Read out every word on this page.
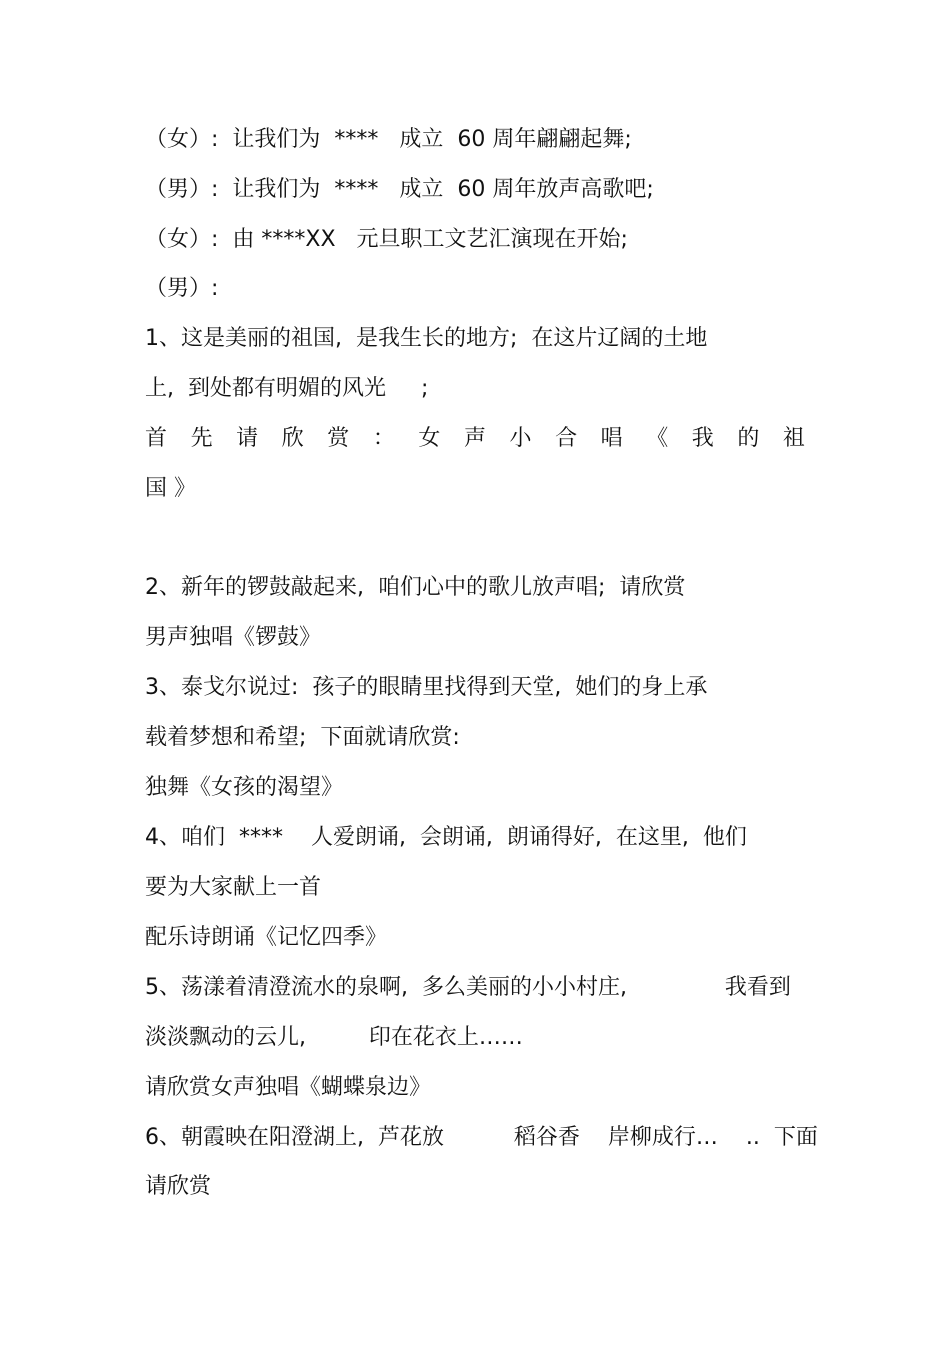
（女）:  让我们为  ****   成立  60 周年翩翩起舞;
（男）:  让我们为  ****   成立  60 周年放声高歌吧;
（女）:  由 ****XX   元旦职工文艺汇演现在开始;
（男）:
1、这是美丽的祖国,  是我生长的地方;  在这片辽阔的土地
上,  到处都有明媚的风光     ;
首 先 请 欣 赏 ： 女 声 小 合 唱 《 我 的 祖
国 》
2、新年的锣鼓敲起来,  咱们心中的歌儿放声唱;  请欣赏
男声独唱《锣鼓》
3、泰戈尔说过:  孩子的眼睛里找得到天堂,  她们的身上承
载着梦想和希望;  下面就请欣赏:
独舞《女孩的渴望》
4、咱们  ****    人爱朗诵,  会朗诵,  朗诵得好,  在这里,  他们
要为大家献上一首
配乐诗朗诵《记忆四季》
5、荡漾着清澄流水的泉啊,  多么美丽的小小村庄,              我看到
淡淡飘动的云儿,         印在花衣上……
请欣赏女声独唱《蝴蝶泉边》
6、朝霞映在阳澄湖上,  芦花放          稻谷香    岸柳成行…    ..  下面
请欣赏
